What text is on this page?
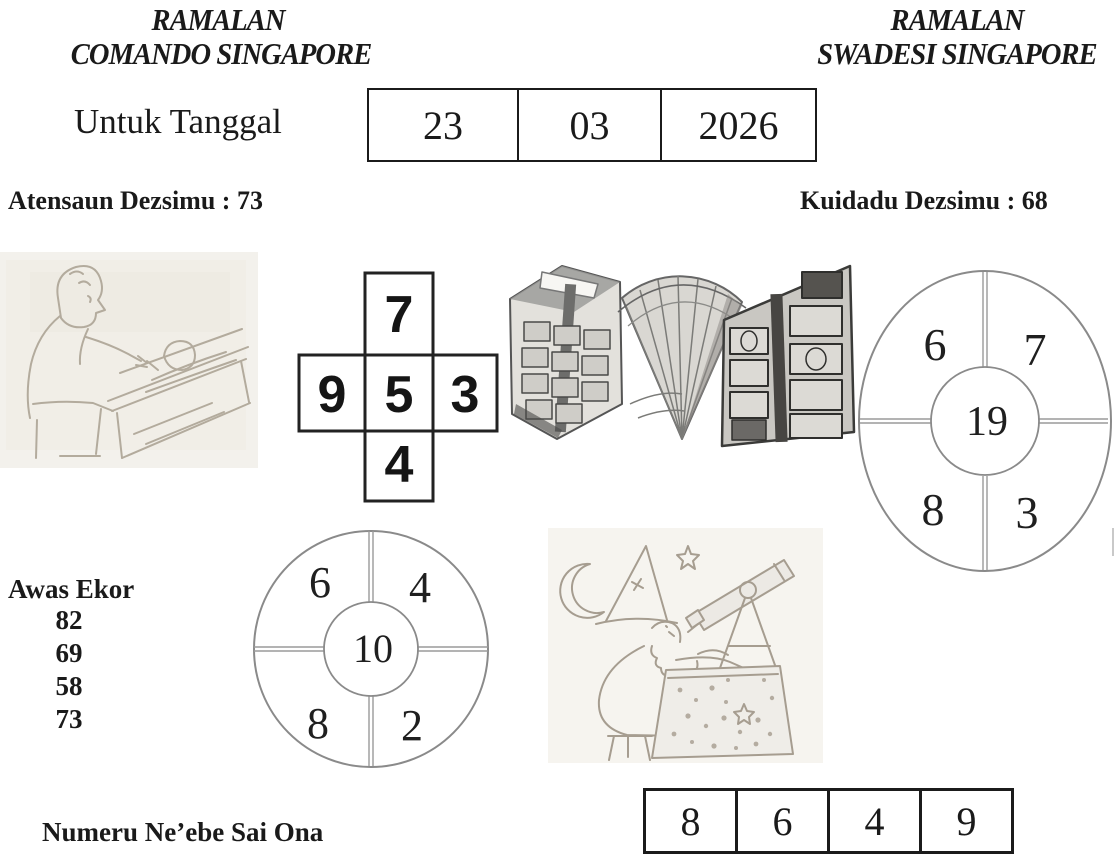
RAMALAN
COMANDO SINGAPORE
RAMALAN
SWADESI SINGAPORE
Untuk Tanggal	23	03	2026
Atensaun Dezsimu : 73	Kuidadu Dezsimu : 68
7
9 5 3
4
6 7
8 3
19
Awas Ekor
82
69
58
73
6 4
8 2
10
Numeru Ne’ebe Sai Ona	8	6	4	9
